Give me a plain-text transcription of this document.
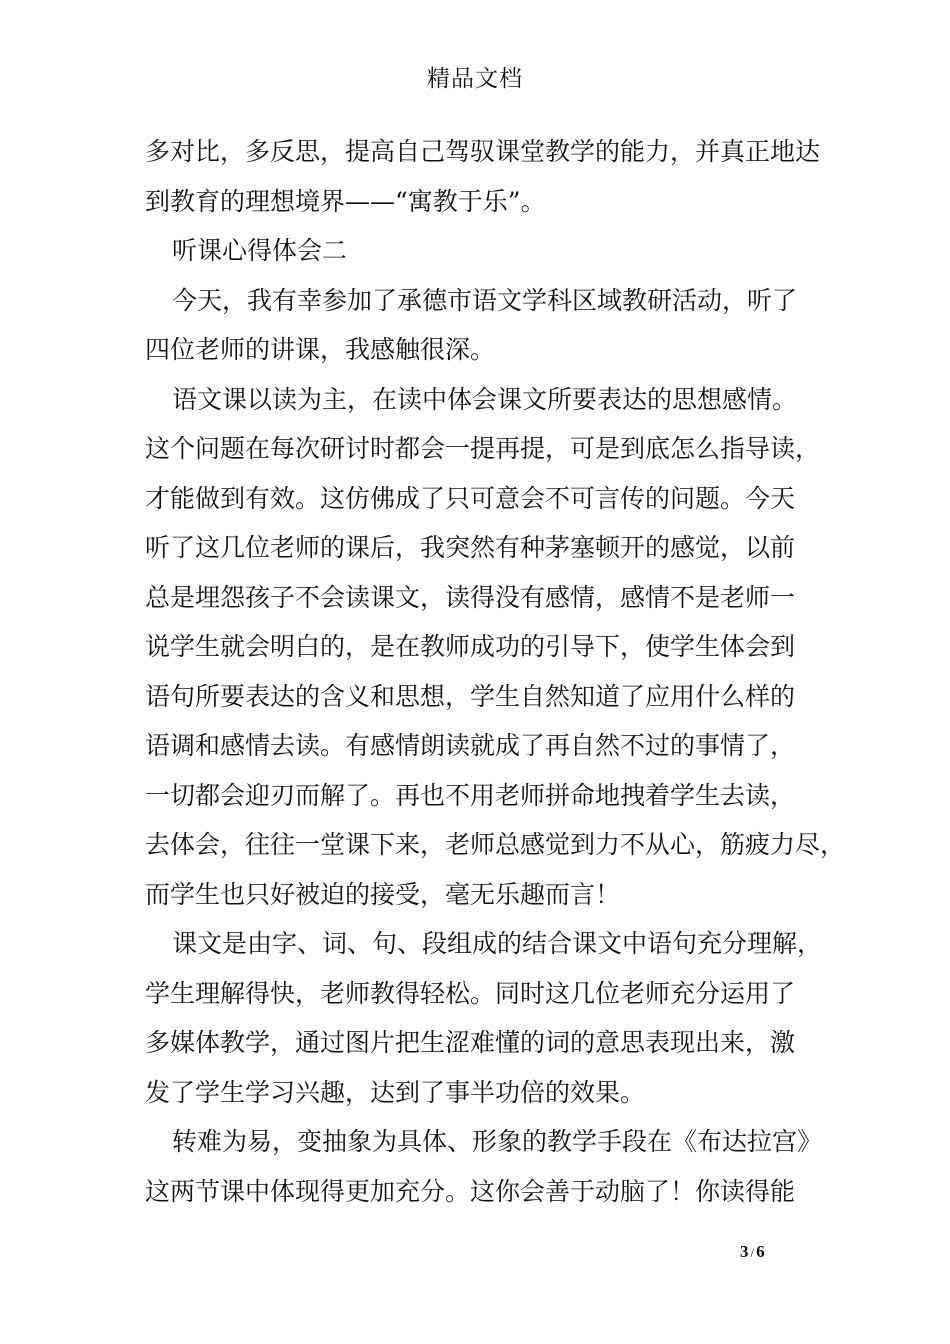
精品文档
多对比，多反思，提高自己驾驭课堂教学的能力，并真正地达
到教育的理想境界——“寓教于乐”。
听课心得体会二
今天，我有幸参加了承德市语文学科区域教研活动，听了
四位老师的讲课，我感触很深。
语文课以读为主，在读中体会课文所要表达的思想感情。
这个问题在每次研讨时都会一提再提，可是到底怎么指导读，
才能做到有效。这仿佛成了只可意会不可言传的问题。今天
听了这几位老师的课后，我突然有种茅塞顿开的感觉，以前
总是埋怨孩子不会读课文，读得没有感情，感情不是老师一
说学生就会明白的，是在教师成功的引导下，使学生体会到
语句所要表达的含义和思想，学生自然知道了应用什么样的
语调和感情去读。有感情朗读就成了再自然不过的事情了，
一切都会迎刃而解了。再也不用老师拼命地拽着学生去读，
去体会，往往一堂课下来，老师总感觉到力不从心，筋疲力尽，
而学生也只好被迫的接受，毫无乐趣而言！
课文是由字、词、句、段组成的结合课文中语句充分理解，
学生理解得快，老师教得轻松。同时这几位老师充分运用了
多媒体教学，通过图片把生涩难懂的词的意思表现出来，激
发了学生学习兴趣，达到了事半功倍的效果。
转难为易，变抽象为具体、形象的教学手段在《布达拉宫》
这两节课中体现得更加充分。这你会善于动脑了！你读得能
3 / 6
